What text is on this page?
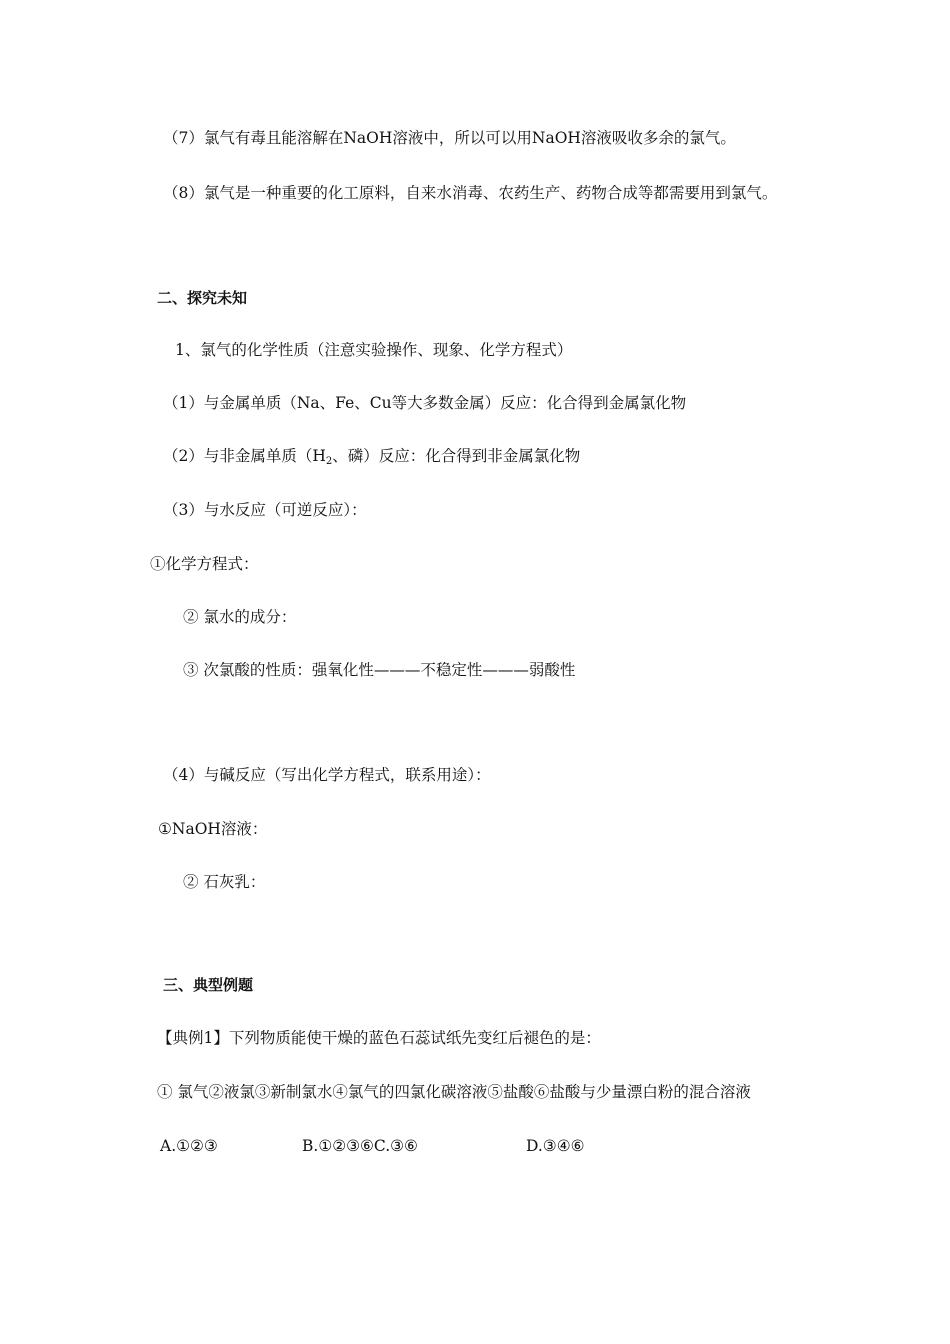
（7）氯气有毒且能溶解在NaOH溶液中，所以可以用NaOH溶液吸收多余的氯气。
（8）氯气是一种重要的化工原料，自来水消毒、农药生产、药物合成等都需要用到氯气。
二、探究未知
1、氯气的化学性质（注意实验操作、现象、化学方程式）
（1）与金属单质（Na、Fe、Cu等大多数金属）反应：化合得到金属氯化物
（2）与非金属单质（$H_2$、磷）反应：化合得到非金属氯化物
（3）与水反应（可逆反应）：
①化学方程式：
② 氯水的成分：
③ 次氯酸的性质：强氧化性———不稳定性———弱酸性
（4）与碱反应（写出化学方程式，联系用途）：
①NaOH溶液：
② 石灰乳：
三、典型例题
【典例1】下列物质能使干燥的蓝色石蕊试纸先变红后褪色的是：
① 氯气②液氯③新制氯水④氯气的四氯化碳溶液⑤盐酸⑥盐酸与少量漂白粉的混合溶液
A.①②③	B.①②③⑥C.③⑥	D.③④⑥
